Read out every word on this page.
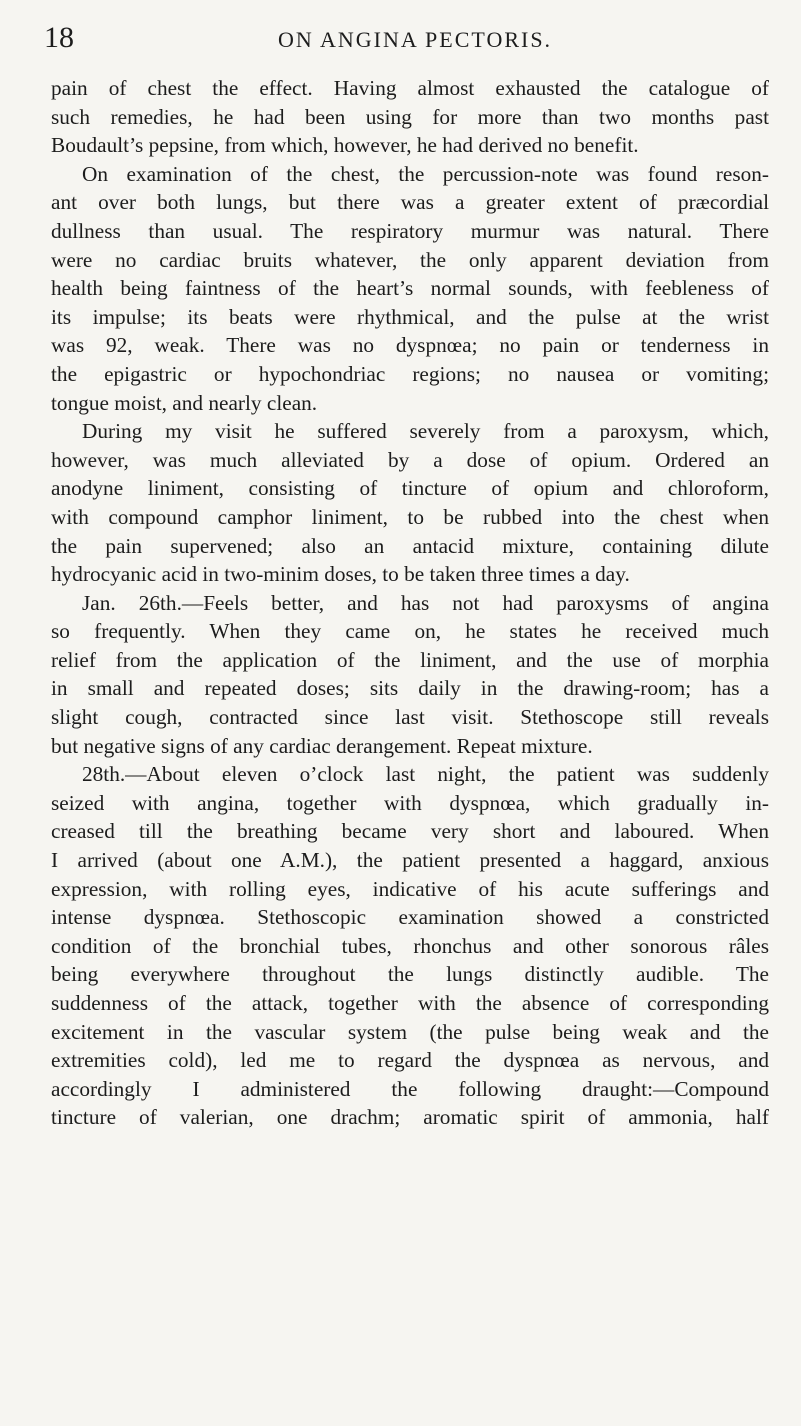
18	ON ANGINA PECTORIS.
pain of chest the effect. Having almost exhausted the catalogue of
such remedies, he had been using for more than two months past
Boudault’s pepsine, from which, however, he had derived no benefit.
On examination of the chest, the percussion-note was found reson-
ant over both lungs, but there was a greater extent of præcordial
dullness than usual. The respiratory murmur was natural. There
were no cardiac bruits whatever, the only apparent deviation from
health being faintness of the heart’s normal sounds, with feebleness of
its impulse; its beats were rhythmical, and the pulse at the wrist
was 92, weak. There was no dyspnœa; no pain or tenderness in
the epigastric or hypochondriac regions; no nausea or vomiting;
tongue moist, and nearly clean.
During my visit he suffered severely from a paroxysm, which,
however, was much alleviated by a dose of opium. Ordered an
anodyne liniment, consisting of tincture of opium and chloroform,
with compound camphor liniment, to be rubbed into the chest when
the pain supervened; also an antacid mixture, containing dilute
hydrocyanic acid in two-minim doses, to be taken three times a day.
Jan. 26th.—Feels better, and has not had paroxysms of angina
so frequently. When they came on, he states he received much
relief from the application of the liniment, and the use of morphia
in small and repeated doses; sits daily in the drawing-room; has a
slight cough, contracted since last visit. Stethoscope still reveals
but negative signs of any cardiac derangement. Repeat mixture.
28th.—About eleven o’clock last night, the patient was suddenly
seized with angina, together with dyspnœa, which gradually in-
creased till the breathing became very short and laboured. When
I arrived (about one A.M.), the patient presented a haggard, anxious
expression, with rolling eyes, indicative of his acute sufferings and
intense dyspnœa. Stethoscopic examination showed a constricted
condition of the bronchial tubes, rhonchus and other sonorous râles
being everywhere throughout the lungs distinctly audible. The
suddenness of the attack, together with the absence of corresponding
excitement in the vascular system (the pulse being weak and the
extremities cold), led me to regard the dyspnœa as nervous, and
accordingly I administered the following draught:—Compound
tincture of valerian, one drachm; aromatic spirit of ammonia, half
